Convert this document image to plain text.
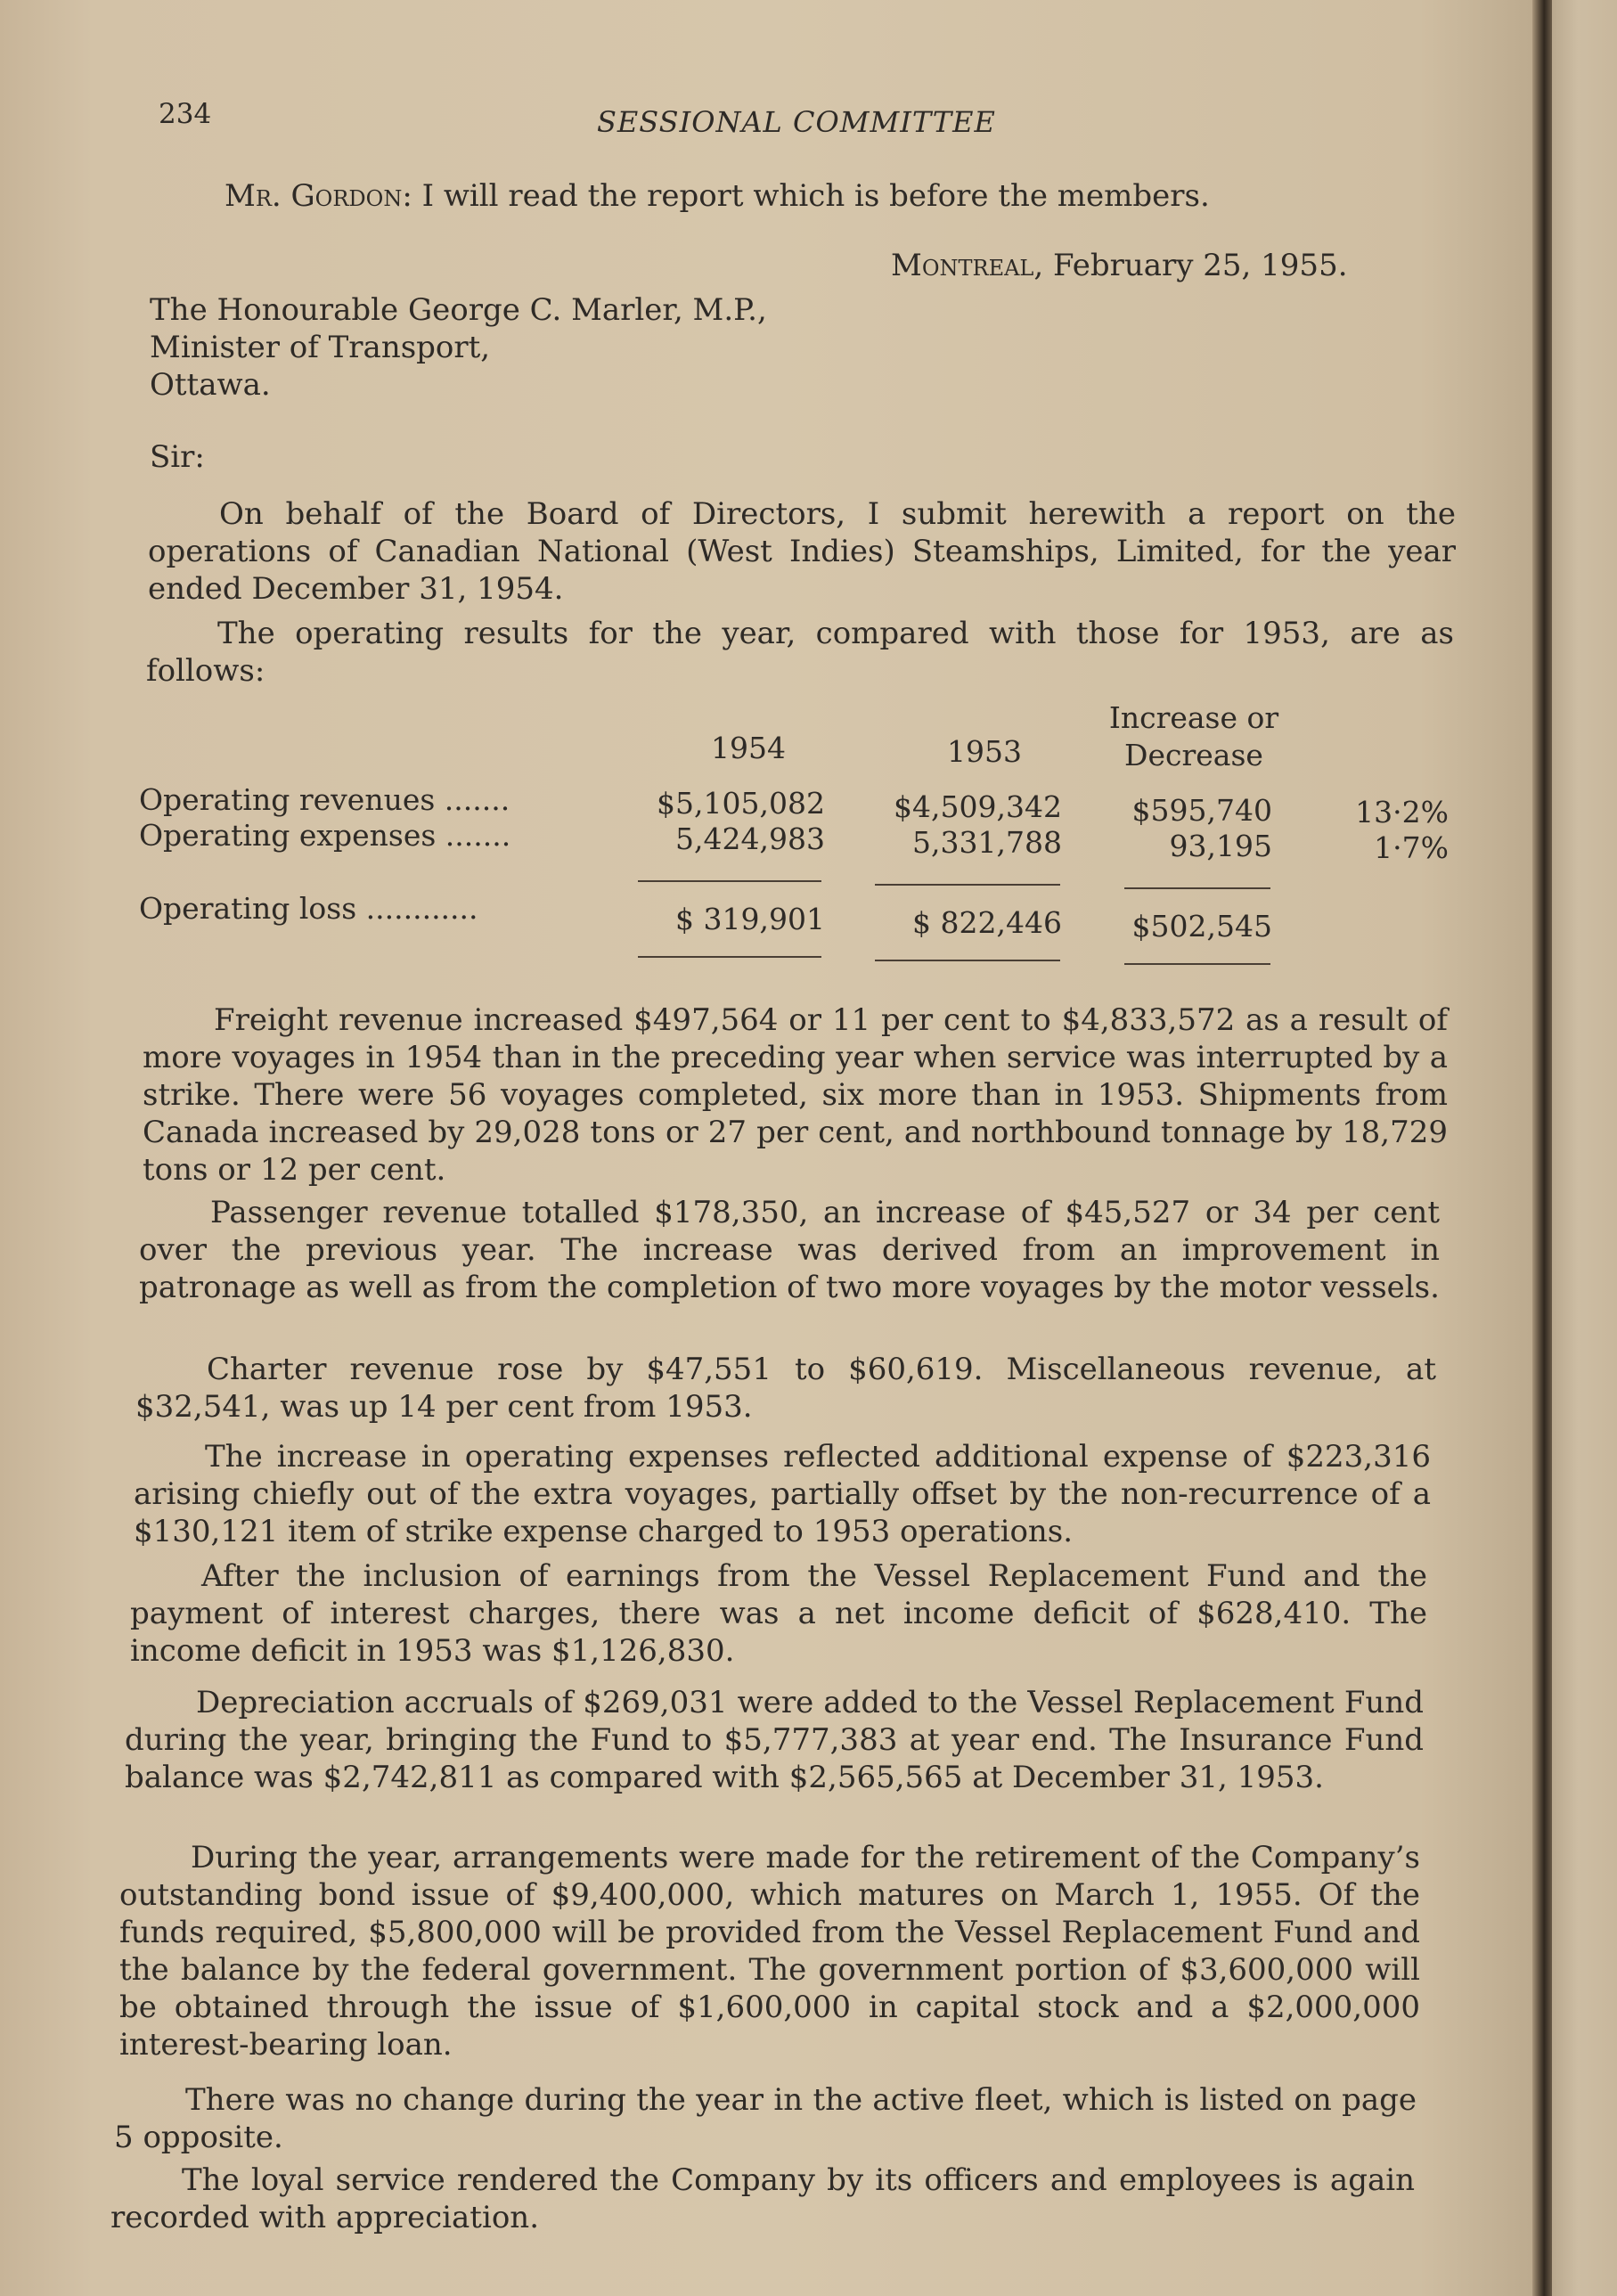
234	SESSIONAL COMMITTEE
Mr. Gordon: I will read the report which is before the members.
Montreal, February 25, 1955.
The Honourable George C. Marler, M.P.,
Minister of Transport,
Ottawa.
Sir:
On behalf of the Board of Directors, I submit herewith a report on the operations of Canadian National (West Indies) Steamships, Limited, for the year ended December 31, 1954.
The operating results for the year, compared with those for 1953, are as follows:
Increase or
1954	1953	Decrease
Operating revenues .......	$5,105,082	$4,509,342	$595,740	13·2%
Operating expenses .......	5,424,983	5,331,788	93,195	1·7%
Operating loss ............	$ 319,901	$ 822,446	$502,545
Freight revenue increased $497,564 or 11 per cent to $4,833,572 as a result of more voyages in 1954 than in the preceding year when service was interrupted by a strike. There were 56 voyages completed, six more than in 1953. Shipments from Canada increased by 29,028 tons or 27 per cent, and northbound tonnage by 18,729 tons or 12 per cent.
Passenger revenue totalled $178,350, an increase of $45,527 or 34 per cent over the previous year. The increase was derived from an improvement in patronage as well as from the completion of two more voyages by the motor vessels.
Charter revenue rose by $47,551 to $60,619. Miscellaneous revenue, at $32,541, was up 14 per cent from 1953.
The increase in operating expenses reflected additional expense of $223,316 arising chiefly out of the extra voyages, partially offset by the non-recurrence of a $130,121 item of strike expense charged to 1953 operations.
After the inclusion of earnings from the Vessel Replacement Fund and the payment of interest charges, there was a net income deficit of $628,410. The income deficit in 1953 was $1,126,830.
Depreciation accruals of $269,031 were added to the Vessel Replacement Fund during the year, bringing the Fund to $5,777,383 at year end. The Insurance Fund balance was $2,742,811 as compared with $2,565,565 at December 31, 1953.
During the year, arrangements were made for the retirement of the Company’s outstanding bond issue of $9,400,000, which matures on March 1, 1955. Of the funds required, $5,800,000 will be provided from the Vessel Replacement Fund and the balance by the federal government. The government portion of $3,600,000 will be obtained through the issue of $1,600,000 in capital stock and a $2,000,000 interest-bearing loan.
There was no change during the year in the active fleet, which is listed on page 5 opposite.
The loyal service rendered the Company by its officers and employees is again recorded with appreciation.
